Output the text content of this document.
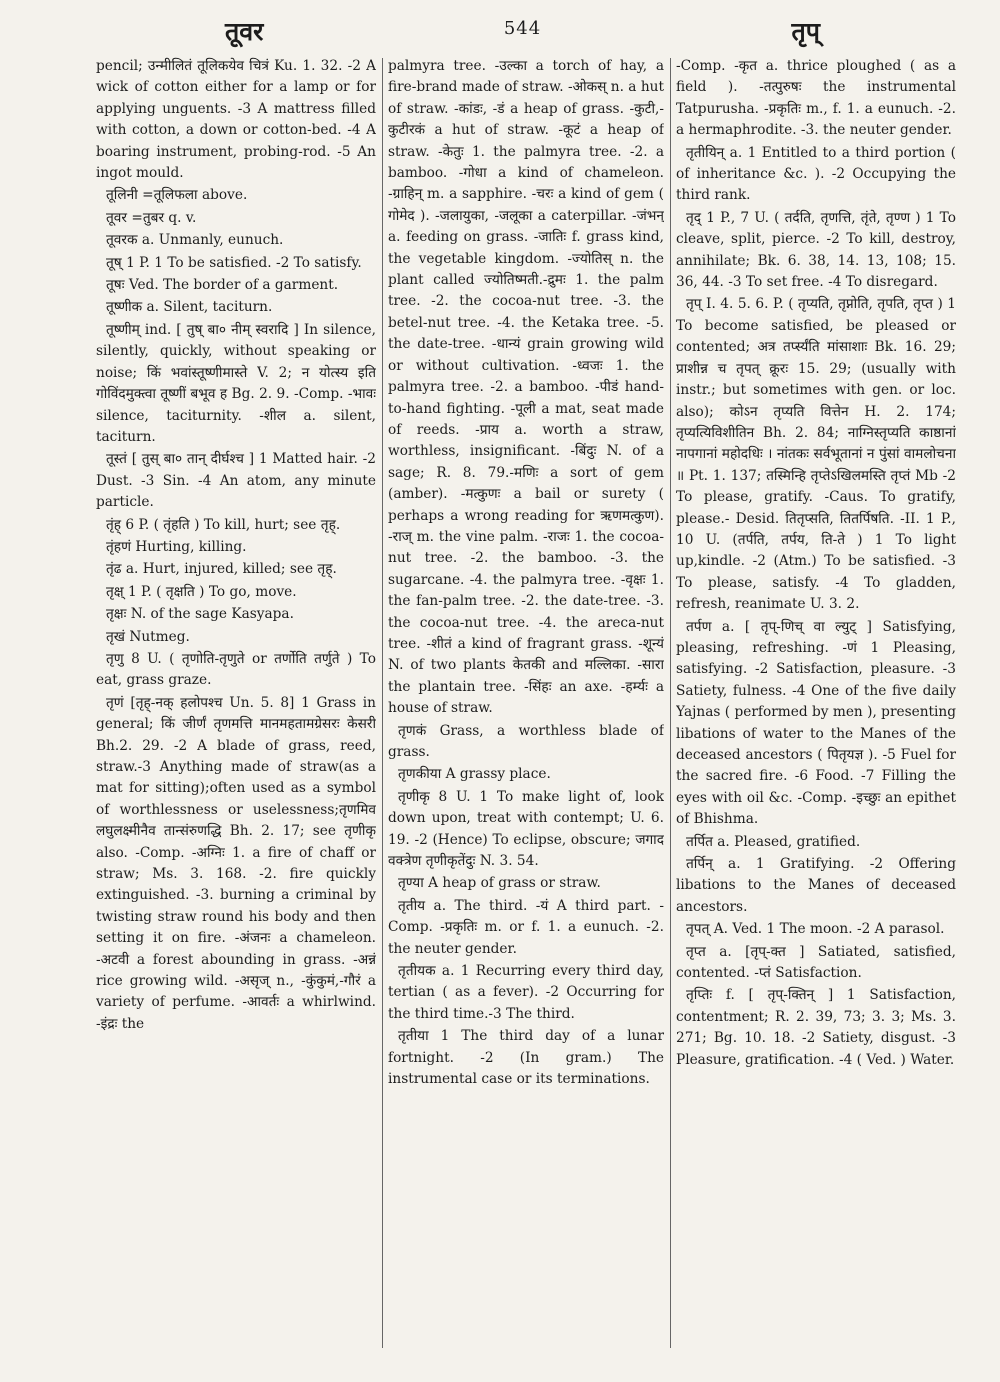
तूवर	544	तृप्

pencil; उन्मीलितं तूलिकयेव चित्रं Ku. 1. 32. -2 A wick of cotton either for a lamp or for applying unguents. -3 A mattress filled with cotton, a down or cotton-bed. -4 A boaring instrument, probing-rod. -5 An ingot mould.

तूलिनी =तूलिफला above.

तूवर =तुबर q. v.

तूवरक a. Unmanly, eunuch.

तूष् 1 P. 1 To be satisfied. -2 To satisfy.

तूषः Ved. The border of a garment.

तूष्णीक a. Silent, taciturn.

तूष्णीम् ind. [ तुष् बा० नीम् स्वरादि ] In silence, silently, quickly, without speaking or noise; किं भवांस्तूष्णीमास्ते V. 2; न योत्स्य इति गोविंदमुक्त्वा तूष्णीं बभूव ह Bg. 2. 9. -Comp. -भावः silence, taciturnity. -शील a. silent, taciturn.

तूस्तं [ तुस् बा० तान् दीर्घश्च ] 1 Matted hair. -2 Dust. -3 Sin. -4 An atom, any minute particle.

तृंह् 6 P. ( तृंहति ) To kill, hurt; see तृह्.

तृंहणं Hurting, killing.

तृंढ a. Hurt, injured, killed; see तृह्.

तृक्ष् 1 P. ( तृक्षति ) To go, move.

तृक्षः N. of the sage Kasyapa.

तृखं Nutmeg.

तृणु 8 U. ( तृणोति-तृणुते or तर्णोति तर्णुते ) To eat, grass graze.

तृणं [तृह्-नक् हलोपश्च Un. 5. 8] 1 Grass in general; किं जीर्णं तृणमत्ति मानमहतामग्रेसरः केसरी Bh.2. 29. -2 A blade of grass, reed, straw.-3 Anything made of straw(as a mat for sitting);often used as a symbol of worthlessness or uselessness;तृणमिव लघुलक्ष्मीनैव तान्संरुणद्धि Bh. 2. 17; see तृणीकृ also. -Comp. -अग्निः 1. a fire of chaff or straw; Ms. 3. 168. -2. fire quickly extinguished. -3. burning a criminal by twisting straw round his body and then setting it on fire. -अंजनः a chameleon. -अटवी a forest abounding in grass. -अन्नं rice growing wild. -असृज् n., -कुंकुमं,-गौरं a variety of perfume. -आवर्तः a whirlwind. -इंद्रः the

palmyra tree. -उल्का a torch of hay, a fire-brand made of straw. -ओकस् n. a hut of straw. -कांडः, -डं a heap of grass. -कुटी,-कुटीरकं a hut of straw. -कूटं a heap of straw. -केतुः 1. the palmyra tree. -2. a bamboo. -गोधा a kind of chameleon. -ग्राहिन् m. a sapphire. -चरः a kind of gem ( गोमेद ). -जलायुका, -जलूका a caterpillar. -जंभन् a. feeding on grass. -जातिः f. grass kind, the vegetable kingdom. -ज्योतिस् n. the plant called ज्योतिष्मती.-द्रुमः 1. the palm tree. -2. the cocoa-nut tree. -3. the betel-nut tree. -4. the Ketaka tree. -5. the date-tree. -धान्यं grain growing wild or without cultivation. -ध्वजः 1. the palmyra tree. -2. a bamboo. -पीडं hand-to-hand fighting. -पूली a mat, seat made of reeds. -प्राय a. worth a straw, worthless, insignificant. -बिंदुः N. of a sage; R. 8. 79.-मणिः a sort of gem (amber). -मत्कुणः a bail or surety ( perhaps a wrong reading for ऋणमत्कुण). -राज् m. the vine palm. -राजः 1. the cocoa-nut tree. -2. the bamboo. -3. the sugarcane. -4. the palmyra tree. -वृक्षः 1. the fan-palm tree. -2. the date-tree. -3. the cocoa-nut tree. -4. the areca-nut tree. -शीतं a kind of fragrant grass. -शून्यं N. of two plants केतकी and मल्लिका. -सारा the plantain tree. -सिंहः an axe. -हर्म्यः a house of straw.

तृणकं Grass, a worthless blade of grass.

तृणकीया A grassy place.

तृणीकृ 8 U. 1 To make light of, look down upon, treat with contempt; U. 6. 19. -2 (Hence) To eclipse, obscure; जगाद वक्त्रेण तृणीकृतेंदुः N. 3. 54.

तृण्या A heap of grass or straw.

तृतीय a. The third. -यं A third part. -Comp. -प्रकृतिः m. or f. 1. a eunuch. -2. the neuter gender.

तृतीयक a. 1 Recurring every third day, tertian ( as a fever). -2 Occurring for the third time.-3 The third.

तृतीया 1 The third day of a lunar fortnight. -2 (In gram.) The instrumental case or its terminations.

-Comp. -कृत a. thrice ploughed ( as a field ). -तत्पुरुषः the instrumental Tatpurusha. -प्रकृतिः m., f. 1. a eunuch. -2. a hermaphrodite. -3. the neuter gender.

तृतीयिन् a. 1 Entitled to a third portion ( of inheritance &c. ). -2 Occupying the third rank.

तृद् 1 P., 7 U. ( तर्दति, तृणत्ति, तृंते, तृण्ण ) 1 To cleave, split, pierce. -2 To kill, destroy, annihilate; Bk. 6. 38, 14. 13, 108; 15. 36, 44. -3 To set free. -4 To disregard.

तृप् I. 4. 5. 6. P. ( तृप्यति, तृप्नोति, तृपति, तृप्त ) 1 To become satisfied, be pleased or contented; अत्र तर्प्स्यंति मांसाशाः Bk. 16. 29; प्राशीन्न च तृपत् क्रूरः 15. 29; (usually with instr.; but sometimes with gen. or loc. also); कोऽन तृप्यति वित्तेन H. 2. 174; तृप्यत्यिविशीतिन Bh. 2. 84; नाग्निस्तृप्यति काष्ठानां नापगानां महोदधिः । नांतकः सर्वभूतानां न पुंसां वामलोचना ॥ Pt. 1. 137; तस्मिन्हि तृप्तेऽखिलमस्ति तृप्तं Mb -2 To please, gratify. -Caus. To gratify, please.- Desid. तितृप्सति, तितर्पिषति. -II. 1 P., 10 U. (तर्पति, तर्पय, ति-ते ) 1 To light up,kindle. -2 (Atm.) To be satisfied. -3 To please, satisfy. -4 To gladden, refresh, reanimate U. 3. 2.

तर्पण a. [ तृप्-णिच् वा ल्युट् ] Satisfying, pleasing, refreshing. -णं 1 Pleasing, satisfying. -2 Satisfaction, pleasure. -3 Satiety, fulness. -4 One of the five daily Yajnas ( performed by men ), presenting libations of water to the Manes of the deceased ancestors ( पितृयज्ञ ). -5 Fuel for the sacred fire. -6 Food. -7 Filling the eyes with oil &c. -Comp. -इच्छुः an epithet of Bhishma.

तर्पित a. Pleased, gratified.

तर्पिन् a. 1 Gratifying. -2 Offering libations to the Manes of deceased ancestors.

तृपत् A. Ved. 1 The moon. -2 A parasol.

तृप्त a. [तृप्-क्त ] Satiated, satisfied, contented. -प्तं Satisfaction.

तृप्तिः f. [ तृप्-क्तिन् ] 1 Satisfaction, contentment; R. 2. 39, 73; 3. 3; Ms. 3. 271; Bg. 10. 18. -2 Satiety, disgust. -3 Pleasure, gratification. -4 ( Ved. ) Water.
